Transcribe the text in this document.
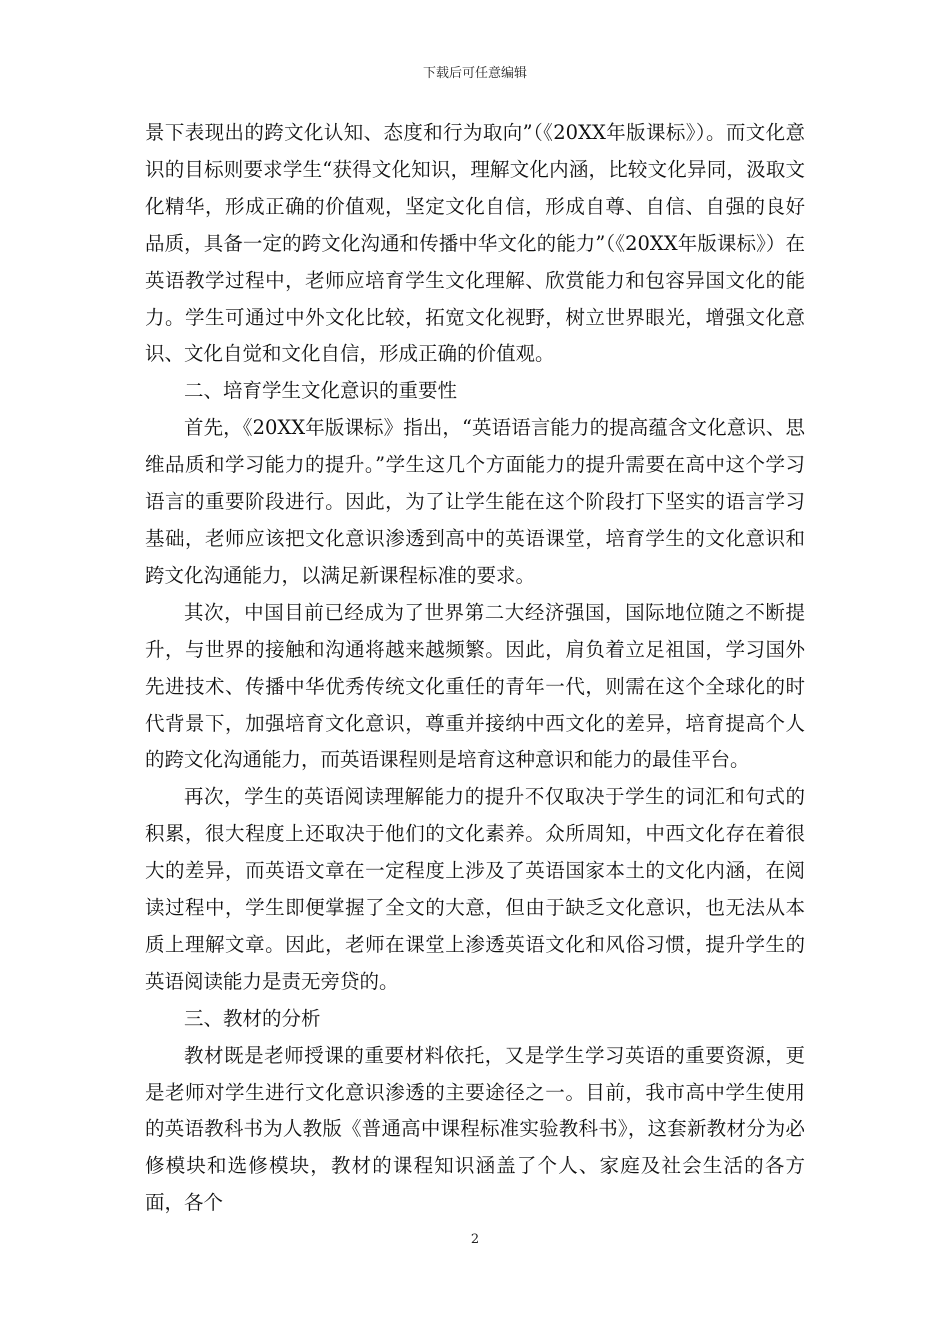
下载后可任意编辑

景下表现出的跨文化认知、态度和行为取向”（《20XX年版课标》）。而文化意识的目标则要求学生“获得文化知识，理解文化内涵，比较文化异同，汲取文化精华，形成正确的价值观，坚定文化自信，形成自尊、自信、自强的良好品质，具备一定的跨文化沟通和传播中华文化的能力”（《20XX年版课标》）在英语教学过程中，老师应培育学生文化理解、欣赏能力和包容异国文化的能力。学生可通过中外文化比较，拓宽文化视野，树立世界眼光，增强文化意识、文化自觉和文化自信，形成正确的价值观。

二、培育学生文化意识的重要性

首先，《20XX年版课标》指出，“英语语言能力的提高蕴含文化意识、思维品质和学习能力的提升。”学生这几个方面能力的提升需要在高中这个学习语言的重要阶段进行。因此，为了让学生能在这个阶段打下坚实的语言学习基础，老师应该把文化意识渗透到高中的英语课堂，培育学生的文化意识和跨文化沟通能力，以满足新课程标准的要求。

其次，中国目前已经成为了世界第二大经济强国，国际地位随之不断提升，与世界的接触和沟通将越来越频繁。因此，肩负着立足祖国，学习国外先进技术、传播中华优秀传统文化重任的青年一代，则需在这个全球化的时代背景下，加强培育文化意识，尊重并接纳中西文化的差异，培育提高个人的跨文化沟通能力，而英语课程则是培育这种意识和能力的最佳平台。

再次，学生的英语阅读理解能力的提升不仅取决于学生的词汇和句式的积累，很大程度上还取决于他们的文化素养。众所周知，中西文化存在着很大的差异，而英语文章在一定程度上涉及了英语国家本土的文化内涵，在阅读过程中，学生即便掌握了全文的大意，但由于缺乏文化意识，也无法从本质上理解文章。因此，老师在课堂上渗透英语文化和风俗习惯，提升学生的英语阅读能力是责无旁贷的。

三、教材的分析

教材既是老师授课的重要材料依托，又是学生学习英语的重要资源，更是老师对学生进行文化意识渗透的主要途径之一。目前，我市高中学生使用的英语教科书为人教版《普通高中课程标准实验教科书》，这套新教材分为必修模块和选修模块，教材的课程知识涵盖了个人、家庭及社会生活的各方面，各个

2
